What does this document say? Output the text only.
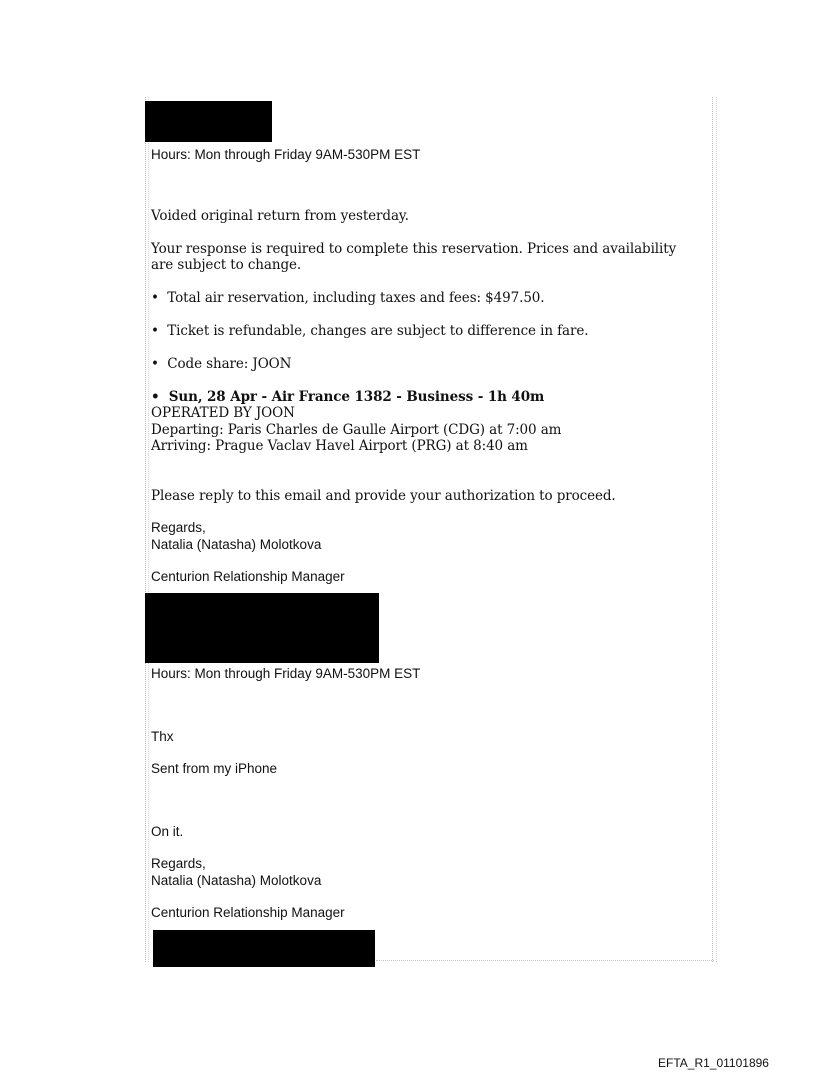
Hours: Mon through Friday 9AM-530PM EST

Voided original return from yesterday.

Your response is required to complete this reservation. Prices and availability

are subject to change.

• Total air reservation, including taxes and fees: $497.50.

• Ticket is refundable, changes are subject to difference in fare.

• Code share: JOON

• Sun, 28 Apr - Air France 1382 - Business - 1h 40m

OPERATED BY JOON

Departing: Paris Charles de Gaulle Airport (CDG) at 7:00 am

Arriving: Prague Vaclav Havel Airport (PRG) at 8:40 am

Please reply to this email and provide your authorization to proceed.

Regards,

Natalia (Natasha) Molotkova

Centurion Relationship Manager

Hours: Mon through Friday 9AM-530PM EST

Thx

Sent from my iPhone

On it.

Regards,

Natalia (Natasha) Molotkova

Centurion Relationship Manager

EFTA_R1_01101896
